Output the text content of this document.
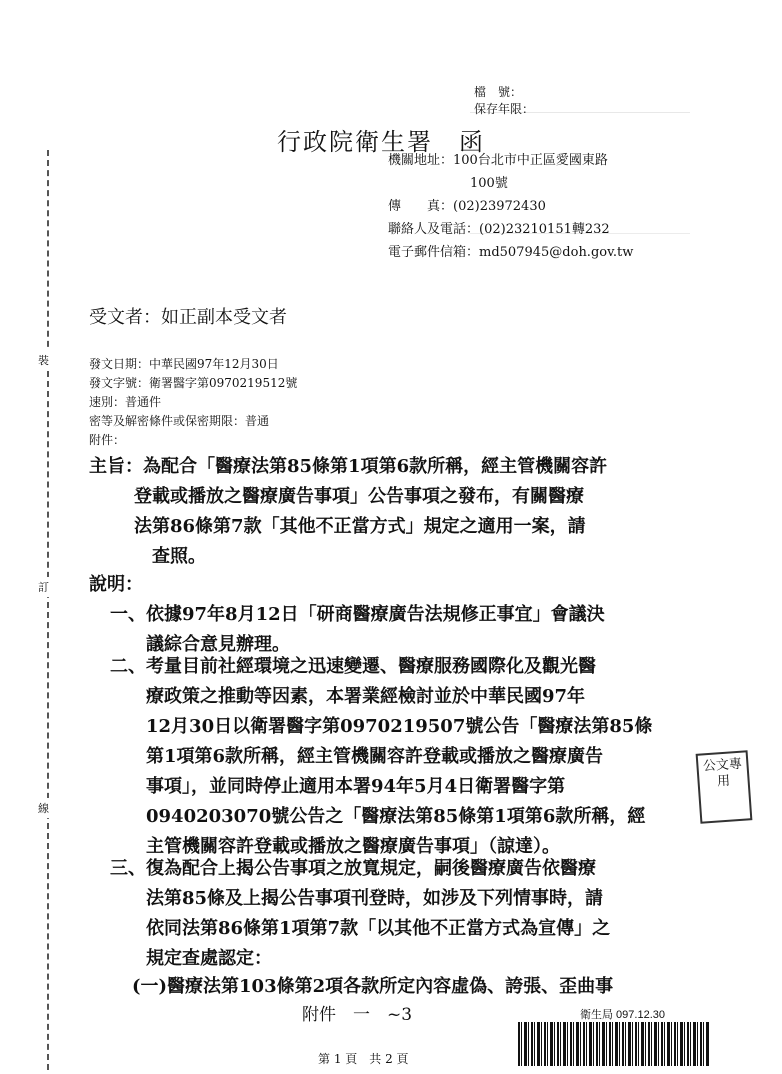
裝
訂
線
檔　號：
保存年限：
行政院衛生署　函
機關地址：100台北市中正區愛國東路
100號
傳　　真：(02)23972430
聯絡人及電話：(02)23210151轉232
電子郵件信箱：md507945@doh.gov.tw
受文者：如正副本受文者
發文日期：中華民國97年12月30日
發文字號：衛署醫字第0970219512號
速別：普通件
密等及解密條件或保密期限：普通
附件：
主旨：為配合「醫療法第85條第1項第6款所稱，經主管機關容許
登載或播放之醫療廣告事項」公告事項之發布，有關醫療
法第86條第7款「其他不正當方式」規定之適用一案，請
查照。
說明：
一、依據97年8月12日「研商醫療廣告法規修正事宜」會議決
議綜合意見辦理。
二、考量目前社經環境之迅速變遷、醫療服務國際化及觀光醫
療政策之推動等因素，本署業經檢討並於中華民國97年
12月30日以衛署醫字第0970219507號公告「醫療法第85條
第1項第6款所稱，經主管機關容許登載或播放之醫療廣告
事項」，並同時停止適用本署94年5月4日衛署醫字第
0940203070號公告之「醫療法第85條第1項第6款所稱，經
主管機關容許登載或播放之醫療廣告事項」（諒達）。
三、復為配合上揭公告事項之放寬規定，嗣後醫療廣告依醫療
法第85條及上揭公告事項刊登時，如涉及下列情事時，請
依同法第86條第1項第7款「以其他不正當方式為宣傳」之
規定查處認定：
(一)醫療法第103條第2項各款所定內容虛偽、誇張、歪曲事
公文專用
附件　一　~3	衛生局 097.12.30
第 1 頁　共 2 頁
